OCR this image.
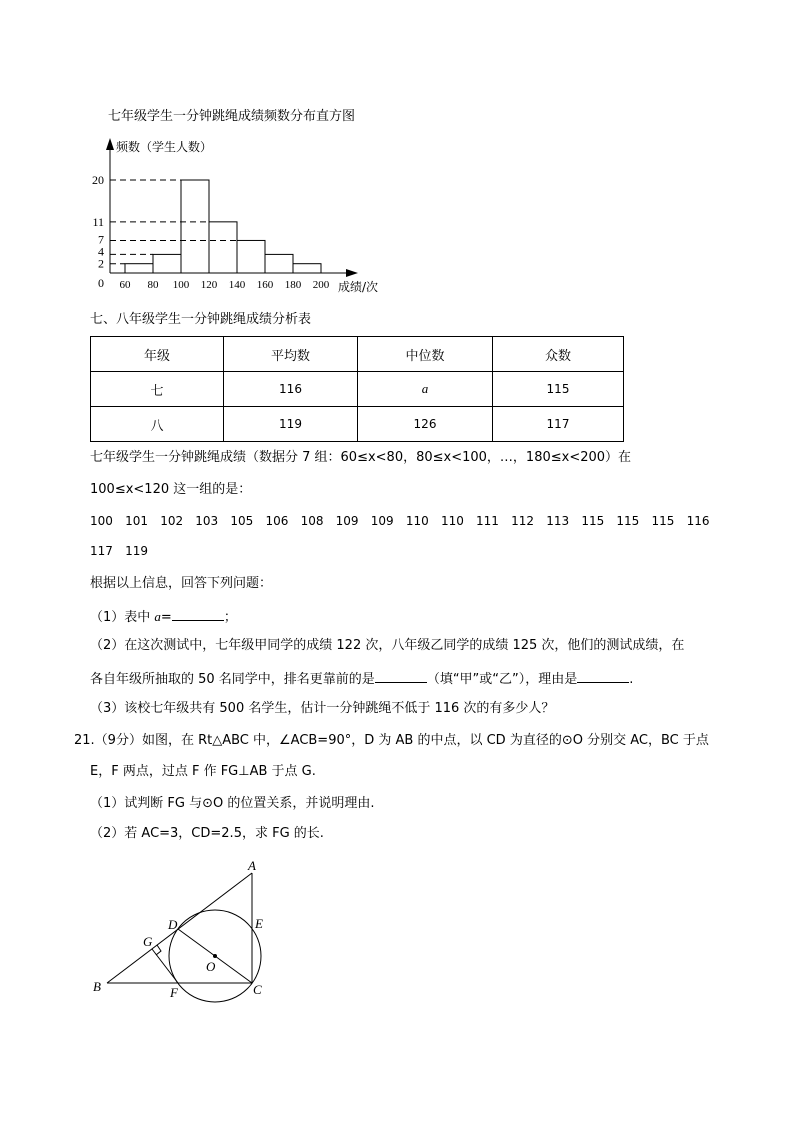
七年级学生一分钟跳绳成绩频数分布直方图
频数（学生人数）
成绩/次
0
2
4
7
11
20
60 80 100 120 140 160 180 200
七、八年级学生一分钟跳绳成绩分析表
年级	平均数	中位数	众数
七	116	a	115
八	119	126	117
七年级学生一分钟跳绳成绩（数据分 7 组：60≤x<80，80≤x<100，…，180≤x<200）在
100≤x<120 这一组的是：
100	101	102	103	105	106	108	109	109	110	110	111	112	113	115	115	115	116
117	119
根据以上信息，回答下列问题：
（1）表中 a=	；
（2）在这次测试中，七年级甲同学的成绩 122 次，八年级乙同学的成绩 125 次，他们的测试成绩，在
各自年级所抽取的 50 名同学中，排名更靠前的是	（填“甲”或“乙”），理由是	.
（3）该校七年级共有 500 名学生，估计一分钟跳绳不低于 116 次的有多少人？
21.（9分）如图，在 Rt△ABC 中，∠ACB=90°，D 为 AB 的中点，以 CD 为直径的⊙O 分别交 AC，BC 于点
E，F 两点，过点 F 作 FG⊥AB 于点 G.
（1）试判断 FG 与⊙O 的位置关系，并说明理由.
（2）若 AC=3，CD=2.5，求 FG 的长.
A
B	C
D	E
F
G
O
